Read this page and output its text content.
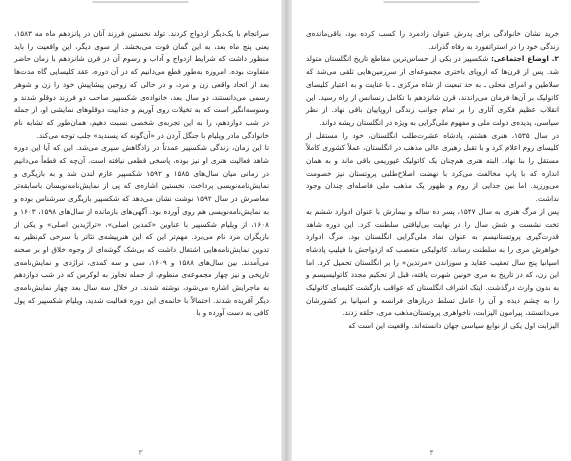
سرانجام با یک‌دیگر ازدواج کردند. تولد نخستین فرزند آنان در پانزدهم ماه مه ۱۵۸۳، یعنی پنج ماه بعد، به این گمان قوت می‌بخشد. از سوی دیگر، این واقعیت را باید منظور داشت که شرایط ازدواج و آداب و رسوم آن در قرن شانزدهم با زمان حاضر متفاوت بوده. امروزه به‌طور قطع می‌دانیم که در آن دوره، عقد کلیسایی گاه مدت‌ها بعد از اتحاد واقعی زن و مرد، و در حالی که زوجین پیشاپیش خود را زن و شوهر رسمی می‌دانستند، دو سال بعد، خانواده‌ی شکسپیر صاحب دو فرزند دوقلو شدند و وسوسه‌انگیز است که به تخیلات روی آوریم و جذابیت دوقلوهای نمایشی او، از جمله در شب دوازدهم، را به این تجربه‌ی شخصی نسبت دهیم، همان‌طور که تشابه نام خانوادگی مادر ویلیام با جنگل آردن در «آن‌گونه که پسندید» جلب توجه می‌کند.

تا این زمان، زندگی شکسپیر عمدتاً در زادگاهش سپری می‌شد. این که آیا این دوره شاهد فعالیت هنری او نیز بوده، پاسخی قطعی نیافته است. آن‌چه که قطعاً می‌دانیم در زمانی میان سال‌های ۱۵۸۵ و ۱۵۹۲ شکسپیر عازم لندن شد و به بازیگری و نمایش‌نامه‌نویسی پرداخت. نخستین اشاره‌ی که پی از نمایش‌نامه‌نویسان باسابقه‌تر معاصرش در سال ۱۵۹۲ نوشت نشان می‌دهد که شکسپیر بازیگری سرشناس بوده و به نمایش‌نامه‌نویسی هم روی آورده بود. آگهی‌های بازمانده از سال‌های ۱۵۹۸، ۱۶۰۳ و ۱۶۰۸، از ویلیام شکسپیر با عناوین «کمدین اصلی»، «تراژیدین اصلی» و یکی از بازیگران مرد نام می‌برد. مهم‌تر این که این هنرپیشه‌ی تئاتر یا سرخی کم‌نظیر به تدوین نمایش‌نامه‌هایی اشتغال داشت که بی‌شک گوشه‌ای از وجوه خلاق او بر صحنه می‌آمدند. بین سال‌های ۱۵۸۸ و ۱۶۰۹، سی و سه کمدی، تراژدی و نمایش‌نامه‌ی تاریخی و نیز چهار مجموعه‌ی منظوم، از جمله تجاوز به لوکرس که در شب دوازدهم به ماجرایش اشاره می‌شود، نوشته شدند. در خلال سه سال بعد چهار نمایش‌نامه‌ی دیگر آفریده شدند. احتمالاً با خاتمه‌ی این دوره فعالیت شدید، ویلیام شکسپیر که پول کافی به دست آورده و با

۳

خرید نشان خانوادگی برای پدرش عنوان زادمرد را کسب کرده بود، باقی‌مانده‌ی زندگی خود را در استراتفورد به رفاه گذراند.

۲. اوضاع اجتماعی: شکسپیر در یکی از حساس‌ترین مقاطع تاریخ انگلستان متولد شد. پس از قرن‌ها که اروپای باختری مجموعه‌ای از سرزمین‌هایی تلقی می‌شد که سلاطین و امرای محلی ـ به حد تبعیت از شاه مرکزی ـ با عنایت و به اعتبار کلیسای کاتولیک بر آن‌ها فرمان می‌راندند، قرن شانزدهم با تکامل رنسانس از راه رسید. این انقلاب عظیم فکری آثاری را بر تمام جوانب زندگی اروپاییان باقی نهاد. از نظر سیاسی، پدیده‌ی دولت ملی و مفهوم ملی‌گرایی به ویژه در انگلستان ریشه دواند.

در سال ۱۵۳۵، هنری هشتم، پادشاه عشرت‌طلب انگلستان، خود را مستقل از کلیسای روم اعلام کرد و با تقبل رهبری عالی مذهب در انگلستان، عملاً کشوری کاملاً مستقل را بنا نهاد. البته هنری هم‌چنان یک کاتولیک غیوریمی باقی ماند و به همان اندازه که با پاپ مخالفت می‌کرد با نهضت اصلاح‌طلبی پروتستان نیز خصومت می‌ورزید. اما بین جدایی از روم و ظهور یک مذهب ملی فاصله‌ای چندان وجود نداشت.

پس از مرگ هنری به سال ۱۵۴۷، پسر ده ساله و بیمارش با عنوان ادوارد ششم به تخت نشست و شش سال را در نهایت بی‌لیاقتی سلطنت کرد. این دوره شاهد قدرت‌گیری پروتستانیسم به عنوان نماد ملی‌گرایی انگلستان بود. مرگ ادوارد خواهرش مری را به سلطنت رساند. کاتولیکی متعصب که ازدواجش با فیلیپ پادشاه اسپانیا پنج سال تعقیب عقاید و سوزاندن «مرتدین» را بر انگلستان تحمیل کرد. اما این زن، که در تاریخ به مری خونین شهرت یافته، قبل از تحکیم مجدد کاتولیسیسم و به بدون وارث درگذشت. اینک اشراف انگلستان که عواقب بازگشت کلیسای کاتولیک را به چشم دیده و آن را عامل تسلط دربارهای فرانسه و اسپانیا بر کشورشان می‌دانستند، پیرامون الیزابت، ناخواهری پروتستان‌مذهب مری، حلقه زدند.

الیزابت اول یکی از نوابغ سیاسی جهان دانسته‌اند. واقعیت این است که

۴
